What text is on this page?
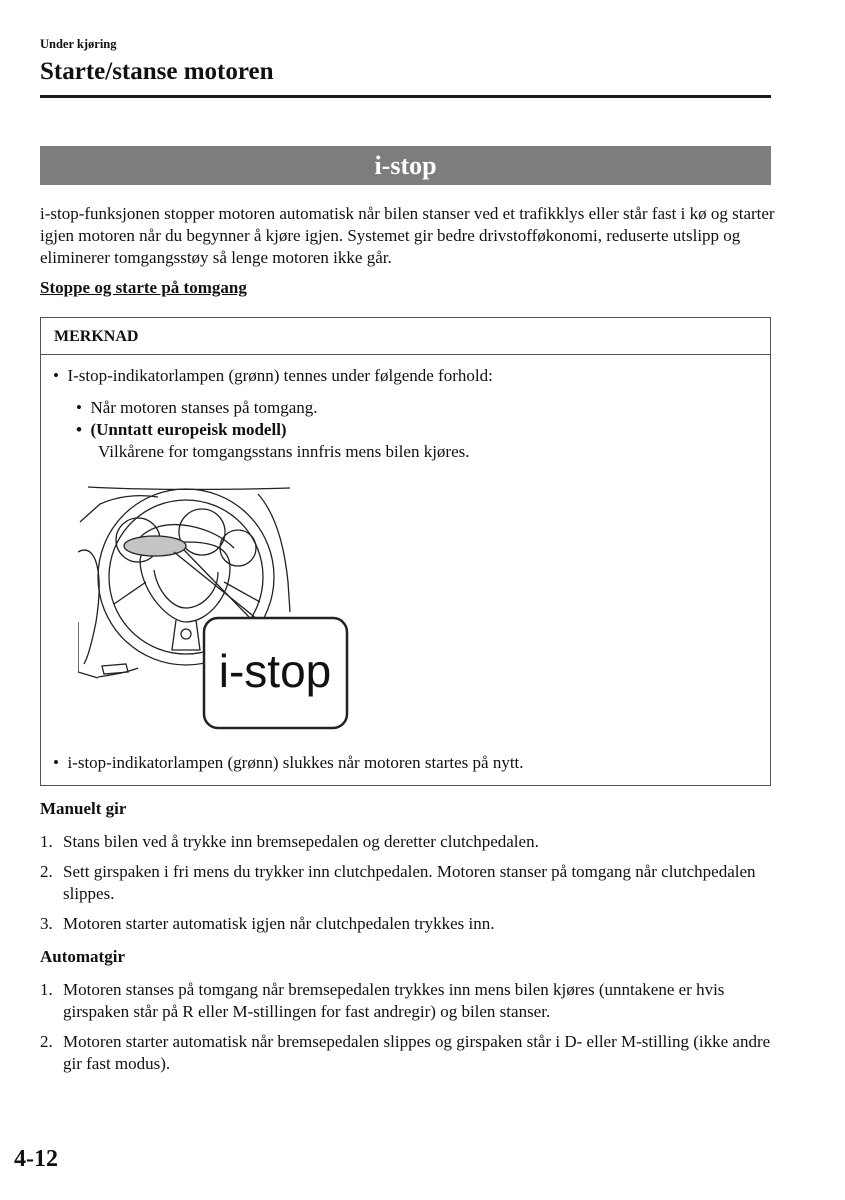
Under kjøring
Starte/stanse motoren
i-stop
i-stop-funksjonen stopper motoren automatisk når bilen stanser ved et trafikklys eller står fast i kø og starter igjen motoren når du begynner å kjøre igjen. Systemet gir bedre drivstofføkonomi, reduserte utslipp og eliminerer tomgangsstøy så lenge motoren ikke går.
Stoppe og starte på tomgang
MERKNAD
• I-stop-indikatorlampen (grønn) tennes under følgende forhold:
• Når motoren stanses på tomgang.
• (Unntatt europeisk modell)
Vilkårene for tomgangsstans innfris mens bilen kjøres.
i-stop
• i-stop-indikatorlampen (grønn) slukkes når motoren startes på nytt.
Manuelt gir
1. Stans bilen ved å trykke inn bremsepedalen og deretter clutchpedalen.
2. Sett girspaken i fri mens du trykker inn clutchpedalen. Motoren stanser på tomgang når clutchpedalen slippes.
3. Motoren starter automatisk igjen når clutchpedalen trykkes inn.
Automatgir
1. Motoren stanses på tomgang når bremsepedalen trykkes inn mens bilen kjøres (unntakene er hvis girspaken står på R eller M-stillingen for fast andregir) og bilen stanser.
2. Motoren starter automatisk når bremsepedalen slippes og girspaken står i D- eller M-stilling (ikke andre gir fast modus).
4-12
